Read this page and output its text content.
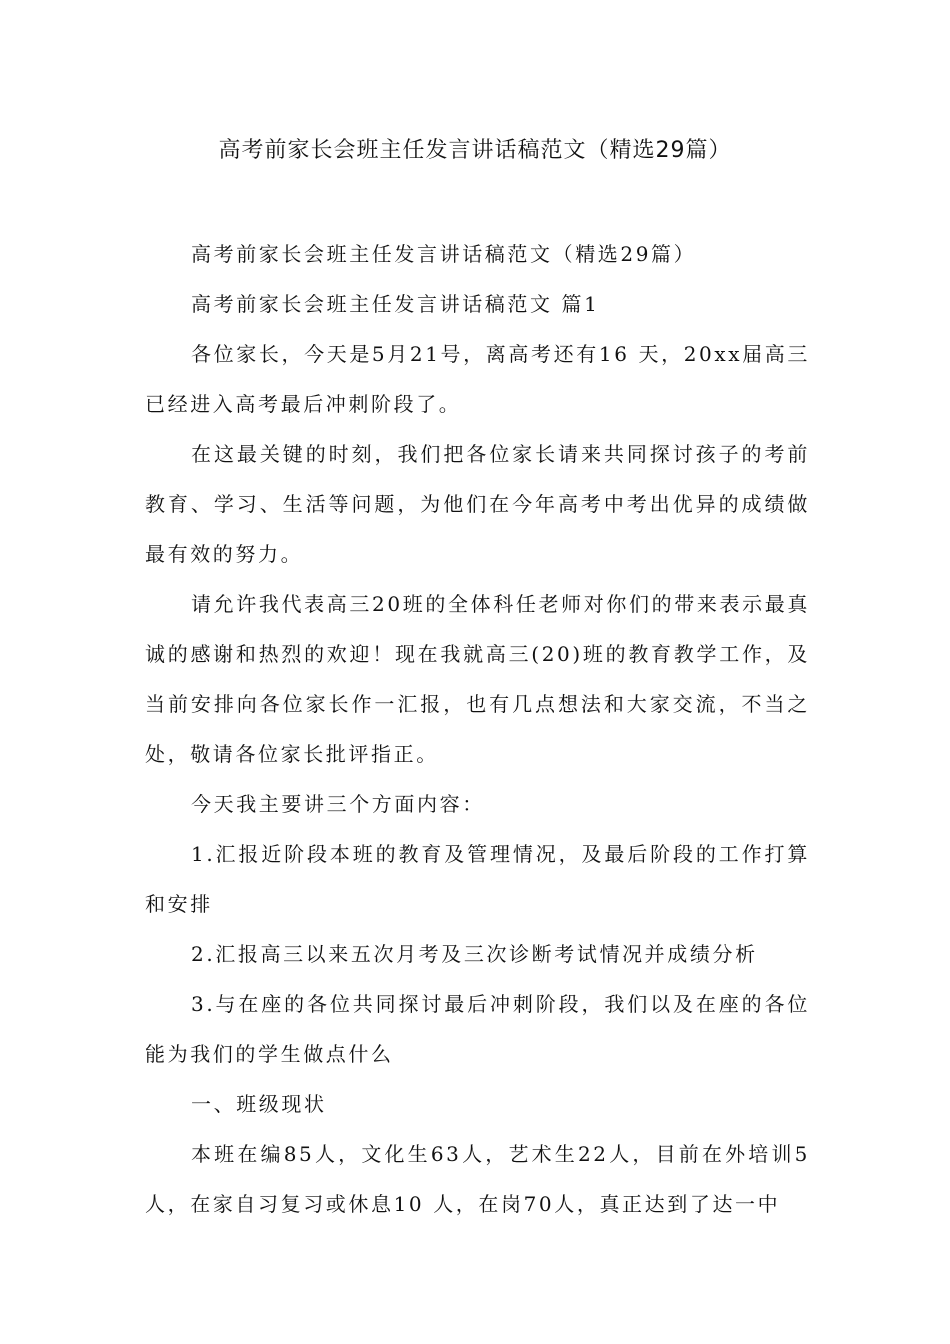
高考前家长会班主任发言讲话稿范文（精选29篇）

高考前家长会班主任发言讲话稿范文（精选29篇）

高考前家长会班主任发言讲话稿范文 篇1

各位家长，今天是5月21号，离高考还有16 天，20xx届高三已经进入高考最后冲刺阶段了。

在这最关键的时刻，我们把各位家长请来共同探讨孩子的考前教育、学习、生活等问题，为他们在今年高考中考出优异的成绩做最有效的努力。

请允许我代表高三20班的全体科任老师对你们的带来表示最真诚的感谢和热烈的欢迎！现在我就高三(20)班的教育教学工作，及当前安排向各位家长作一汇报，也有几点想法和大家交流，不当之处，敬请各位家长批评指正。

今天我主要讲三个方面内容：

1.汇报近阶段本班的教育及管理情况，及最后阶段的工作打算和安排

2.汇报高三以来五次月考及三次诊断考试情况并成绩分析

3.与在座的各位共同探讨最后冲刺阶段，我们以及在座的各位能为我们的学生做点什么

一、班级现状

本班在编85人，文化生63人，艺术生22人，目前在外培训5人，在家自习复习或休息10 人，在岗70人，真正达到了达一中
